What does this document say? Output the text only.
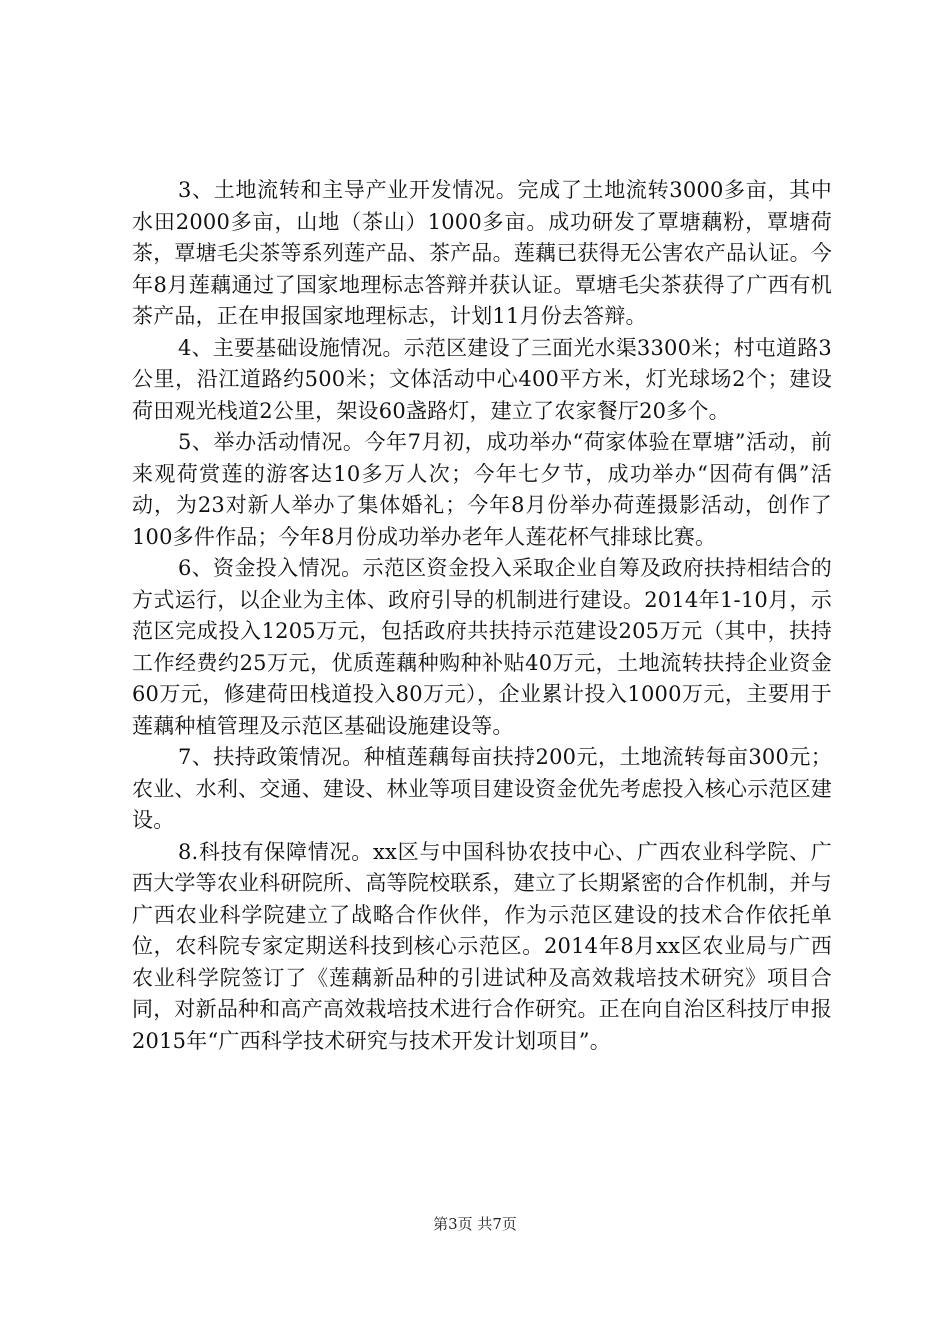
3、土地流转和主导产业开发情况。完成了土地流转3000多亩，其中水田2000多亩，山地（茶山）1000多亩。成功研发了覃塘藕粉，覃塘荷茶，覃塘毛尖茶等系列莲产品、茶产品。莲藕已获得无公害农产品认证。今年8月莲藕通过了国家地理标志答辩并获认证。覃塘毛尖茶获得了广西有机茶产品，正在申报国家地理标志，计划11月份去答辩。

4、主要基础设施情况。示范区建设了三面光水渠3300米；村屯道路3公里，沿江道路约500米；文体活动中心400平方米，灯光球场2个；建设荷田观光栈道2公里，架设60盏路灯，建立了农家餐厅20多个。

5、举办活动情况。今年7月初，成功举办“荷家体验在覃塘”活动，前来观荷赏莲的游客达10多万人次；今年七夕节，成功举办“因荷有偶”活动，为23对新人举办了集体婚礼；今年8月份举办荷莲摄影活动，创作了100多件作品；今年8月份成功举办老年人莲花杯气排球比赛。

6、资金投入情况。示范区资金投入采取企业自筹及政府扶持相结合的方式运行，以企业为主体、政府引导的机制进行建设。2014年1-10月，示范区完成投入1205万元，包括政府共扶持示范建设205万元（其中，扶持工作经费约25万元，优质莲藕种购种补贴40万元，土地流转扶持企业资金60万元，修建荷田栈道投入80万元），企业累计投入1000万元，主要用于莲藕种植管理及示范区基础设施建设等。

7、扶持政策情况。种植莲藕每亩扶持200元，土地流转每亩300元；农业、水利、交通、建设、林业等项目建设资金优先考虑投入核心示范区建设。

8.科技有保障情况。xx区与中国科协农技中心、广西农业科学院、广西大学等农业科研院所、高等院校联系，建立了长期紧密的合作机制，并与广西农业科学院建立了战略合作伙伴，作为示范区建设的技术合作依托单位，农科院专家定期送科技到核心示范区。2014年8月xx区农业局与广西农业科学院签订了《莲藕新品种的引进试种及高效栽培技术研究》项目合同，对新品种和高产高效栽培技术进行合作研究。正在向自治区科技厅申报2015年“广西科学技术研究与技术开发计划项目”。

第3页 共7页
